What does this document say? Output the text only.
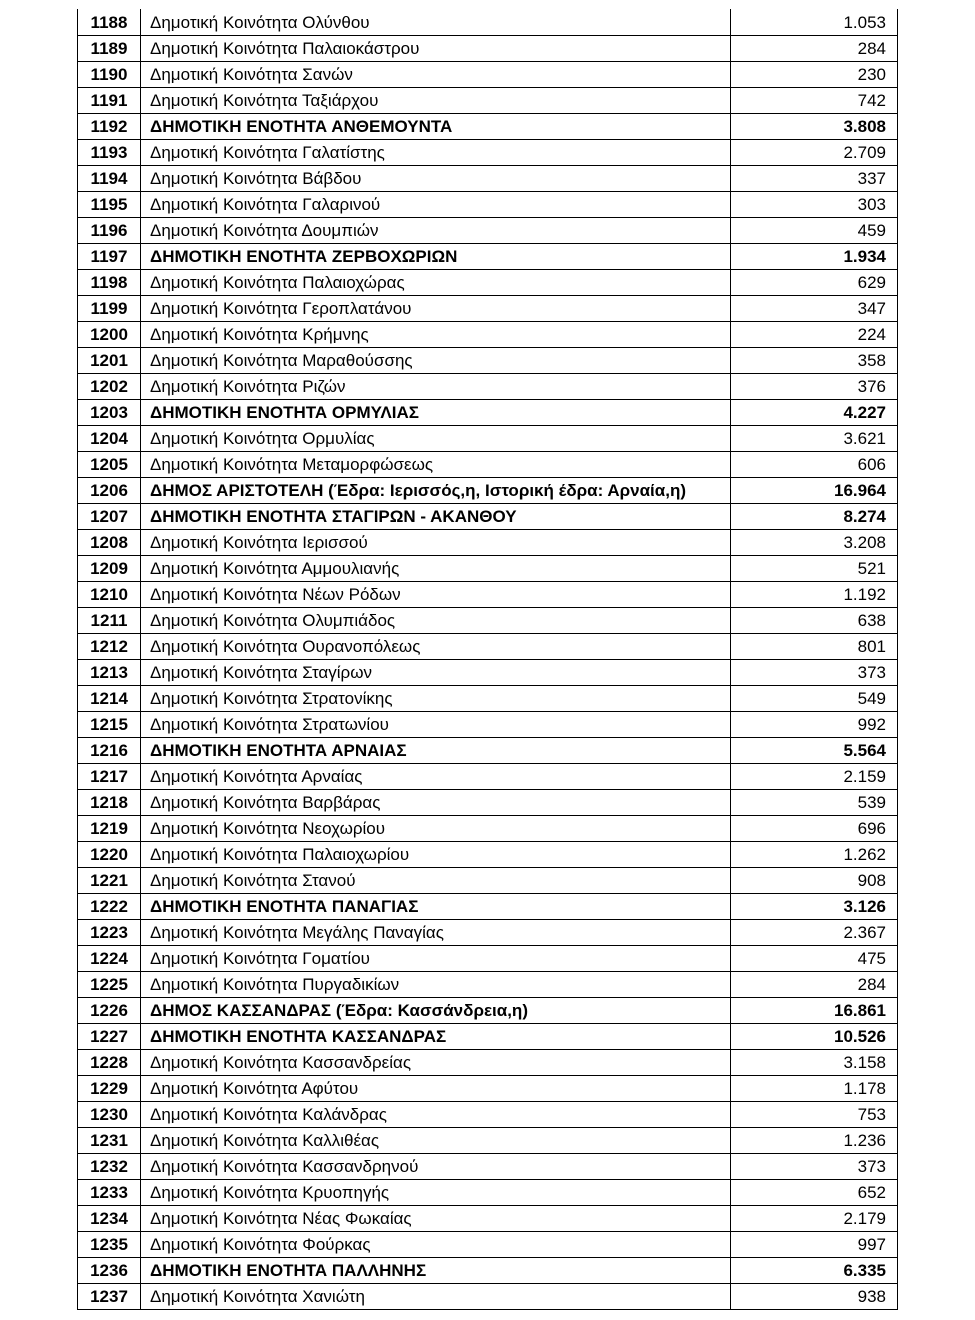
1188	Δημοτική Κοινότητα Ολύνθου	1.053
1189	Δημοτική Κοινότητα Παλαιοκάστρου	284
1190	Δημοτική Κοινότητα Σανών	230
1191	Δημοτική Κοινότητα Ταξιάρχου	742
1192	ΔΗΜΟΤΙΚΗ ΕΝΟΤΗΤΑ ΑΝΘΕΜΟΥΝΤΑ	3.808
1193	Δημοτική Κοινότητα Γαλατίστης	2.709
1194	Δημοτική Κοινότητα Βάβδου	337
1195	Δημοτική Κοινότητα Γαλαρινού	303
1196	Δημοτική Κοινότητα Δουμπιών	459
1197	ΔΗΜΟΤΙΚΗ ΕΝΟΤΗΤΑ ΖΕΡΒΟΧΩΡΙΩΝ	1.934
1198	Δημοτική Κοινότητα Παλαιοχώρας	629
1199	Δημοτική Κοινότητα Γεροπλατάνου	347
1200	Δημοτική Κοινότητα Κρήμνης	224
1201	Δημοτική Κοινότητα Μαραθούσσης	358
1202	Δημοτική Κοινότητα Ριζών	376
1203	ΔΗΜΟΤΙΚΗ ΕΝΟΤΗΤΑ ΟΡΜΥΛΙΑΣ	4.227
1204	Δημοτική Κοινότητα Ορμυλίας	3.621
1205	Δημοτική Κοινότητα Μεταμορφώσεως	606
1206	ΔΗΜΟΣ ΑΡΙΣΤΟΤΕΛΗ (Έδρα: Ιερισσός,η, Ιστορική έδρα: Αρναία,η)	16.964
1207	ΔΗΜΟΤΙΚΗ ΕΝΟΤΗΤΑ ΣΤΑΓΙΡΩΝ - ΑΚΑΝΘΟΥ	8.274
1208	Δημοτική Κοινότητα Ιερισσού	3.208
1209	Δημοτική Κοινότητα Αμμουλιανής	521
1210	Δημοτική Κοινότητα Νέων Ρόδων	1.192
1211	Δημοτική Κοινότητα Ολυμπιάδος	638
1212	Δημοτική Κοινότητα Ουρανοπόλεως	801
1213	Δημοτική Κοινότητα Σταγίρων	373
1214	Δημοτική Κοινότητα Στρατονίκης	549
1215	Δημοτική Κοινότητα Στρατωνίου	992
1216	ΔΗΜΟΤΙΚΗ ΕΝΟΤΗΤΑ ΑΡΝΑΙΑΣ	5.564
1217	Δημοτική Κοινότητα Αρναίας	2.159
1218	Δημοτική Κοινότητα Βαρβάρας	539
1219	Δημοτική Κοινότητα Νεοχωρίου	696
1220	Δημοτική Κοινότητα Παλαιοχωρίου	1.262
1221	Δημοτική Κοινότητα Στανού	908
1222	ΔΗΜΟΤΙΚΗ ΕΝΟΤΗΤΑ ΠΑΝΑΓΙΑΣ	3.126
1223	Δημοτική Κοινότητα Μεγάλης Παναγίας	2.367
1224	Δημοτική Κοινότητα Γοματίου	475
1225	Δημοτική Κοινότητα Πυργαδικίων	284
1226	ΔΗΜΟΣ ΚΑΣΣΑΝΔΡΑΣ (Έδρα: Κασσάνδρεια,η)	16.861
1227	ΔΗΜΟΤΙΚΗ ΕΝΟΤΗΤΑ ΚΑΣΣΑΝΔΡΑΣ	10.526
1228	Δημοτική Κοινότητα Κασσανδρείας	3.158
1229	Δημοτική Κοινότητα Αφύτου	1.178
1230	Δημοτική Κοινότητα Καλάνδρας	753
1231	Δημοτική Κοινότητα Καλλιθέας	1.236
1232	Δημοτική Κοινότητα Κασσανδρηνού	373
1233	Δημοτική Κοινότητα Κρυοπηγής	652
1234	Δημοτική Κοινότητα Νέας Φωκαίας	2.179
1235	Δημοτική Κοινότητα Φούρκας	997
1236	ΔΗΜΟΤΙΚΗ ΕΝΟΤΗΤΑ ΠΑΛΛΗΝΗΣ	6.335
1237	Δημοτική Κοινότητα Χανιώτη	938
